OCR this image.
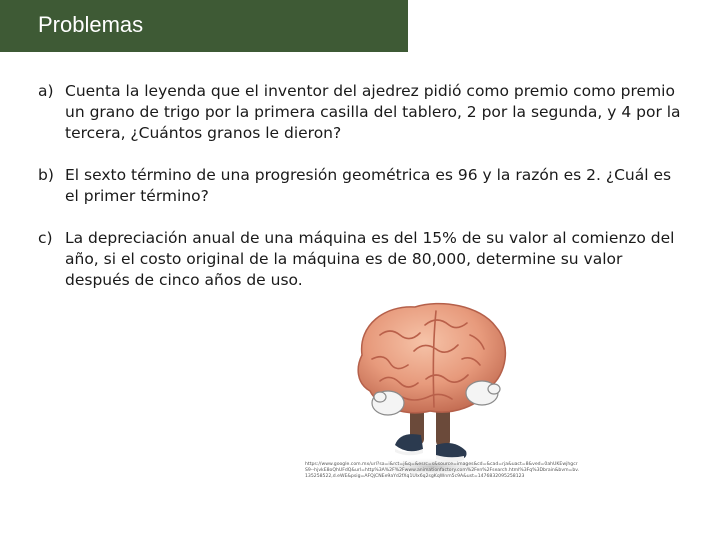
Problemas
a) Cuenta la leyenda que el inventor del ajedrez pidió como premio como premio un grano de trigo por la primera casilla del tablero, 2 por la segunda, y 4 por la tercera, ¿Cuántos granos le dieron?
b) El sexto término de una progresión geométrica es 96 y la razón es 2. ¿Cuál es el primer término?
c) La depreciación anual de una máquina es del 15% de su valor al comienzo del año, si el costo original de la máquina es de 80,000, determine su valor después de cinco años de uso.
https://www.google.com.mx/url?sa=i&rct=j&q=&esrc=s&source=images&cd=&cad=rja&uact=8&ved=0ahUKEwjhgcrS9--hjvkE8oQhUFdQ&url=http%3A%2F%2Fwww.animationfactory.com%2Fen%2Fsearch.html%3Fq%3Dbrain&bvm=bv.135258522,d.eWE&psig=AFQjCNEe9aYd2fXq1Ulx6q2sgKqWnm5c9A&ust=1476832095258123
